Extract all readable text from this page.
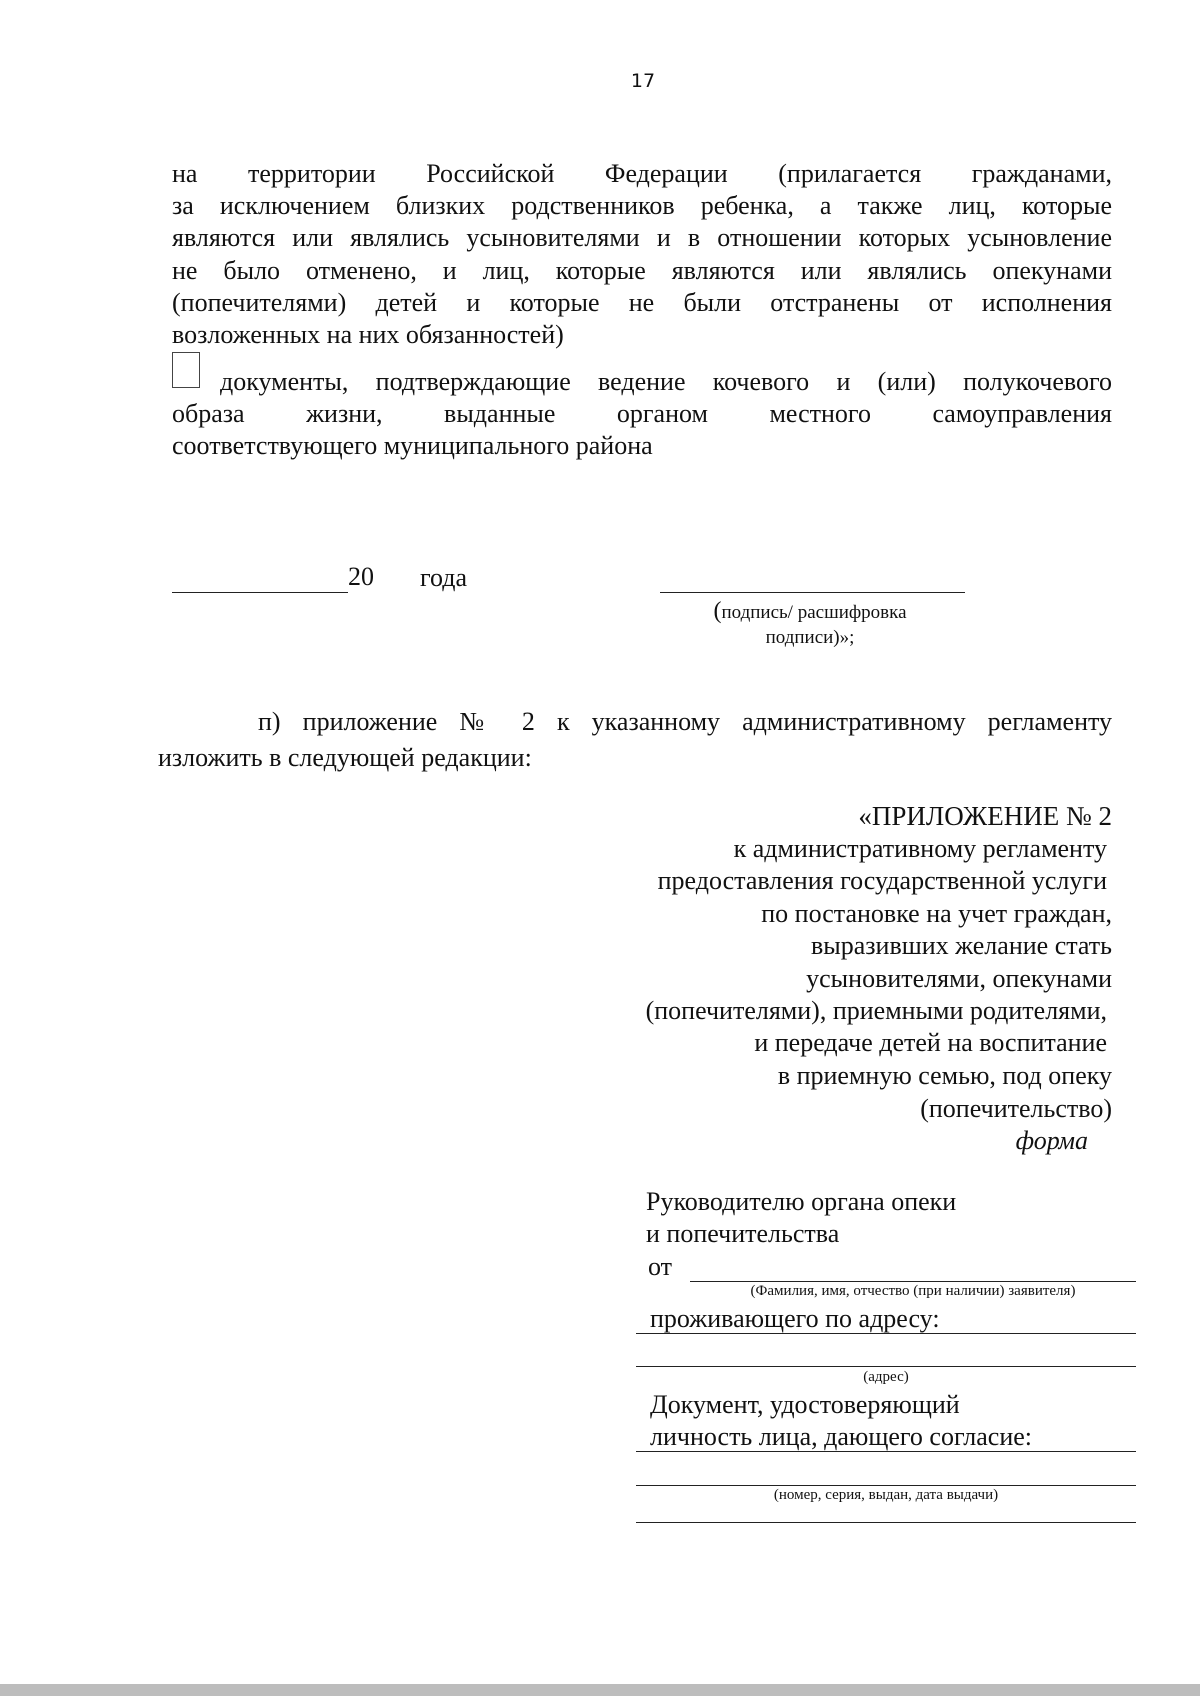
17
на территории Российской Федерации (прилагается гражданами,
за исключением близких родственников ребенка, а также лиц, которые
являются или являлись усыновителями и в отношении которых усыновление
не было отменено, и лиц, которые являются или являлись опекунами
(попечителями) детей и которые не были отстранены от исполнения
возложенных на них обязанностей)
документы, подтверждающие ведение кочевого и (или) полукочевого
образа жизни, выданные органом местного самоуправления
соответствующего муниципального района
20 года
(подпись/ расшифровка
подписи)»;
п) приложение № 2 к указанному административному регламенту
изложить в следующей редакции:
«ПРИЛОЖЕНИЕ № 2
к административному регламенту
предоставления государственной услуги
по постановке на учет граждан,
выразивших желание стать
усыновителями, опекунами
(попечителями), приемными родителями,
и передаче детей на воспитание
в приемную семью, под опеку
(попечительство)
форма
Руководителю органа опеки
и попечительства
от
(Фамилия, имя, отчество (при наличии) заявителя)
проживающего по адресу:
(адрес)
Документ, удостоверяющий
личность лица, дающего согласие:
(номер, серия, выдан, дата выдачи)
